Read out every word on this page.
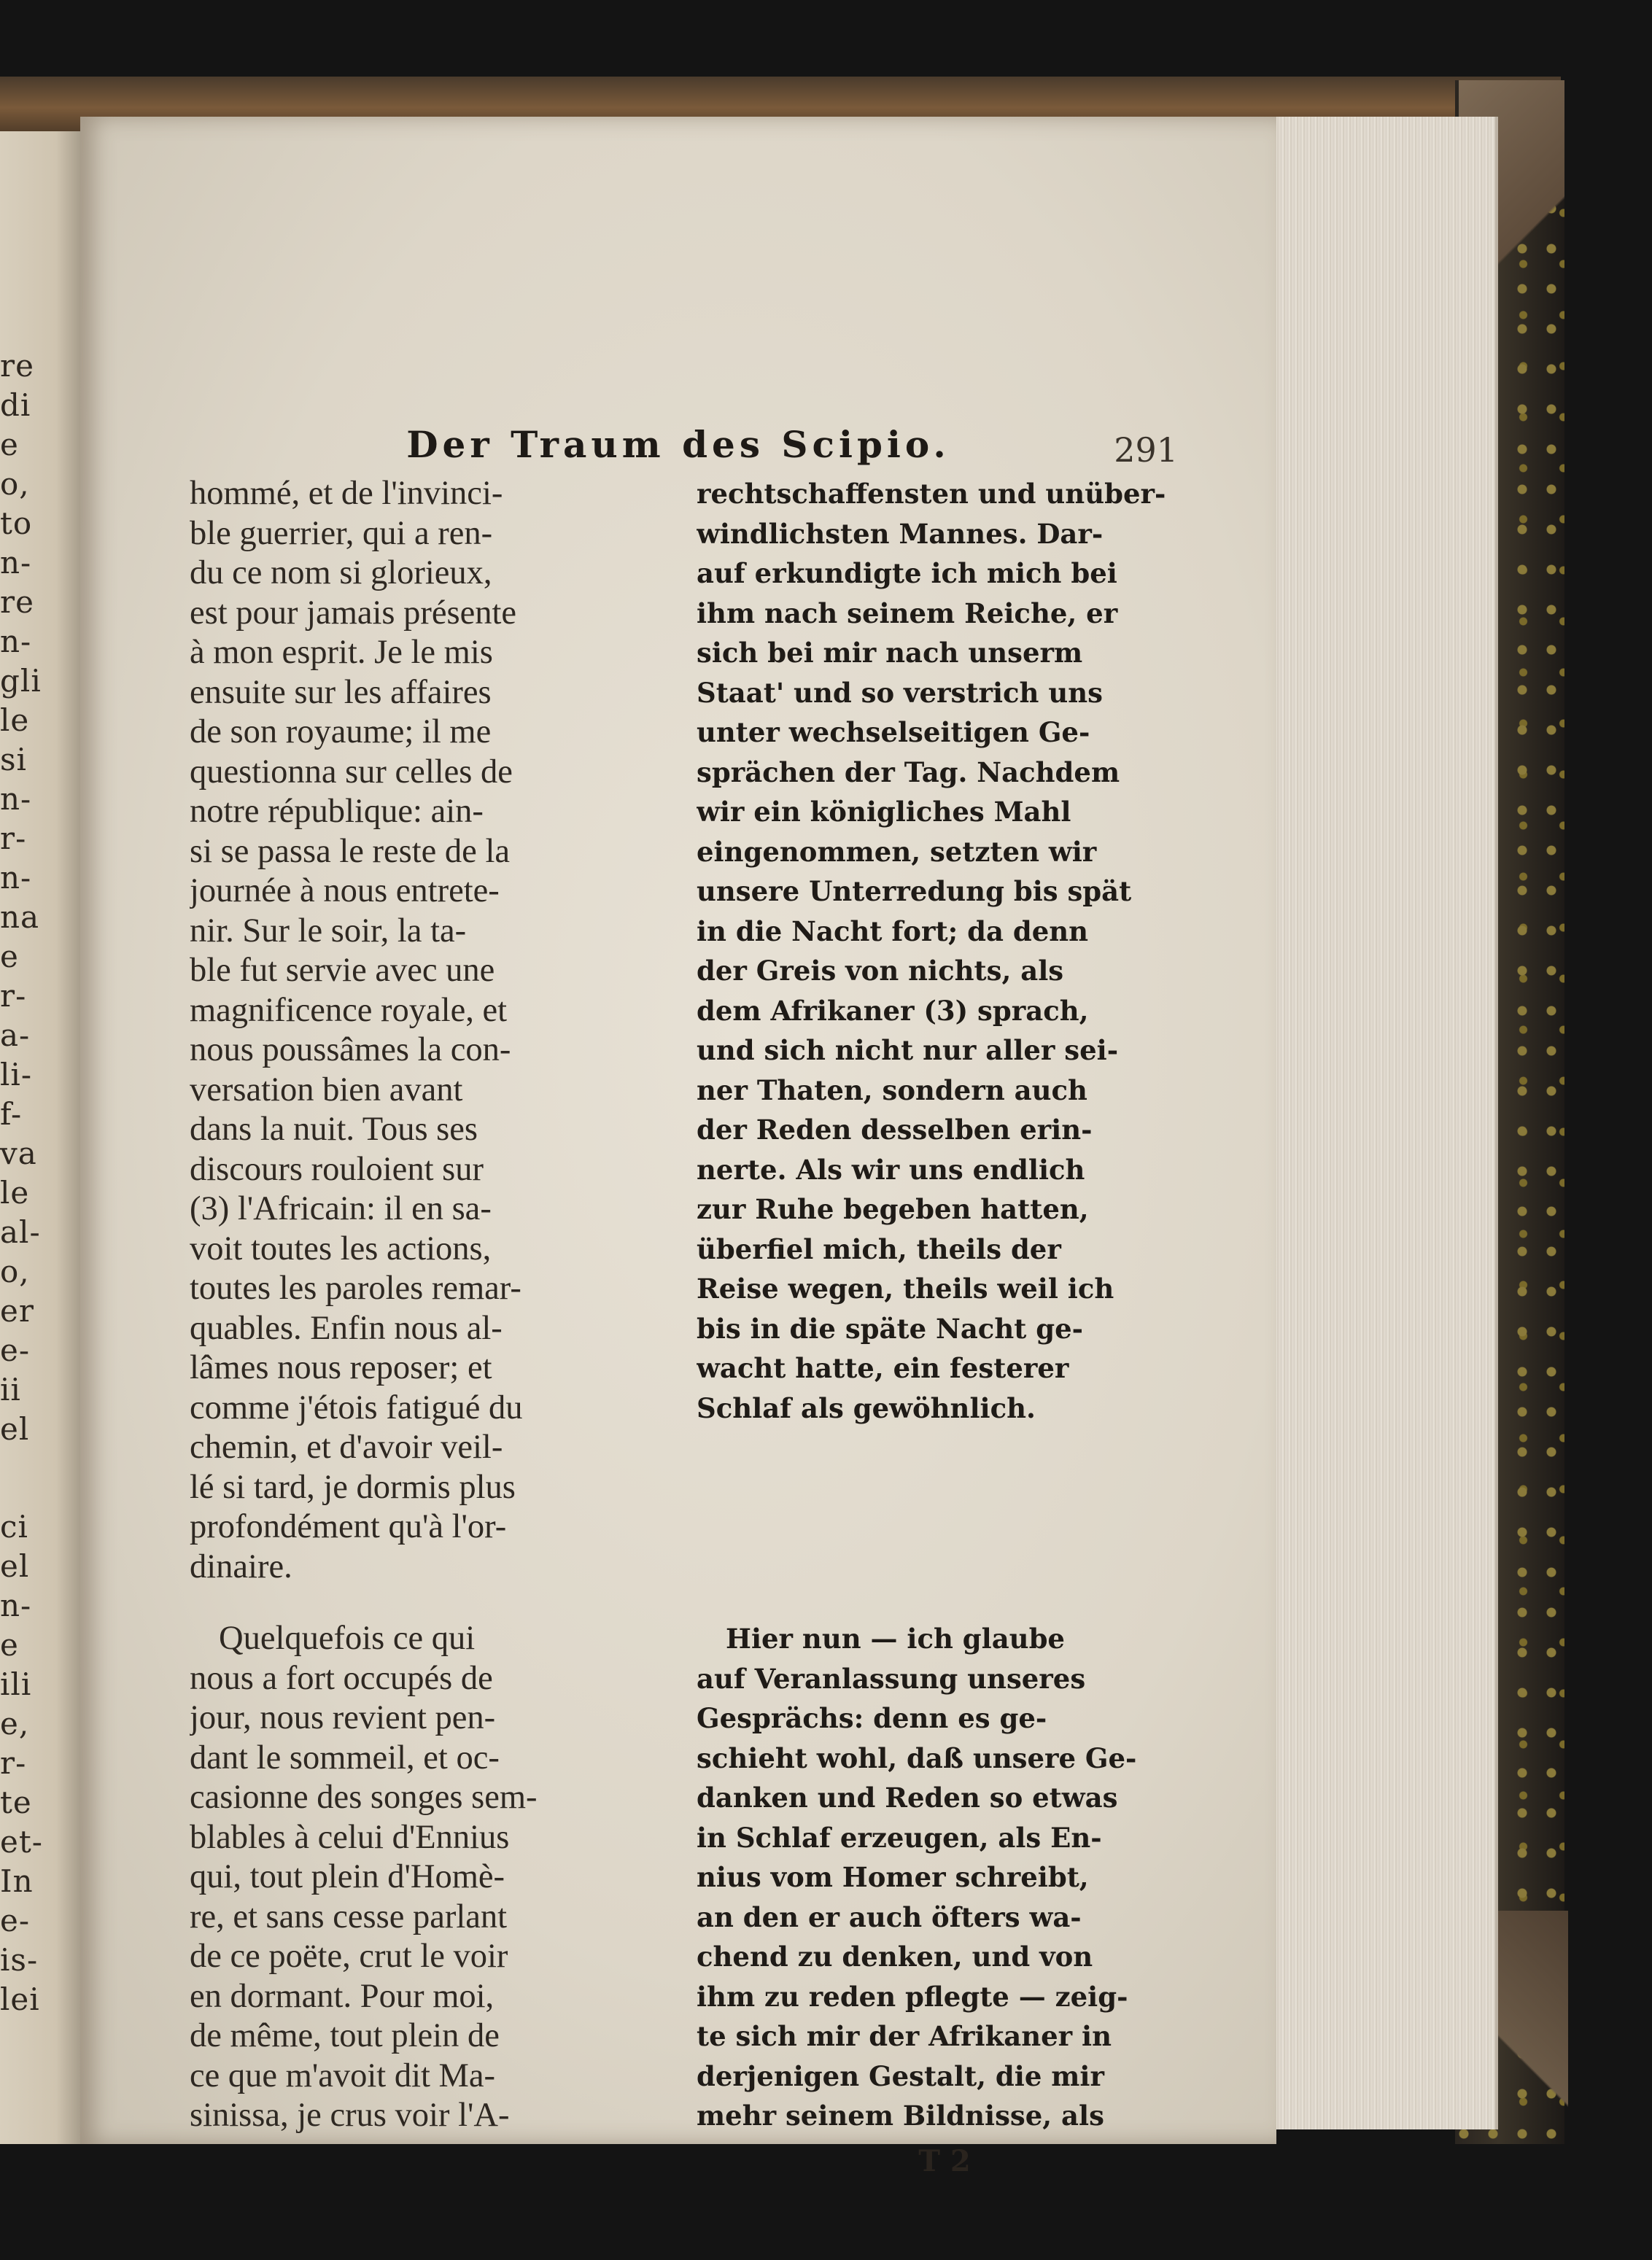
re
di
e
o,
to
n-
re
n-
gli
le
si
n-
r-
n-
na
e
r-
a-
li-
f-
va
le
al-
o,
er
e-
ii
el
ci
el
n-
e
ili
e,
r-
te
et-
In
e-
is-
lei
Der Traum des Scipio.	291
hommé, et de l'invinci-
ble guerrier, qui a ren-
du ce nom si glorieux,
est pour jamais présente
à mon esprit. Je le mis
ensuite sur les affaires
de son royaume; il me
questionna sur celles de
notre république: ain-
si se passa le reste de la
journée à nous entrete-
nir. Sur le soir, la ta-
ble fut servie avec une
magnificence royale, et
nous poussâmes la con-
versation bien avant
dans la nuit. Tous ses
discours rouloient sur
(3) l'Africain: il en sa-
voit toutes les actions,
toutes les paroles remar-
quables. Enfin nous al-
lâmes nous reposer; et
comme j'étois fatigué du
chemin, et d'avoir veil-
lé si tard, je dormis plus
profondément qu'à l'or-
dinaire.
Quelquefois ce qui
nous a fort occupés de
jour, nous revient pen-
dant le sommeil, et oc-
casionne des songes sem-
blables à celui d'Ennius
qui, tout plein d'Homè-
re, et sans cesse parlant
de ce poëte, crut le voir
en dormant. Pour moi,
de même, tout plein de
ce que m'avoit dit Ma-
sinissa, je crus voir l'A-
rechtschaffensten und unüber-
windlichsten Mannes. Dar-
auf erkundigte ich mich bei
ihm nach seinem Reiche, er
sich bei mir nach unserm
Staat' und so verstrich uns
unter wechselseitigen Ge-
sprächen der Tag. Nachdem
wir ein königliches Mahl
eingenommen, setzten wir
unsere Unterredung bis spät
in die Nacht fort; da denn
der Greis von nichts, als
dem Afrikaner (3) sprach,
und sich nicht nur aller sei-
ner Thaten, sondern auch
der Reden desselben erin-
nerte. Als wir uns endlich
zur Ruhe begeben hatten,
überfiel mich, theils der
Reise wegen, theils weil ich
bis in die späte Nacht ge-
wacht hatte, ein festerer
Schlaf als gewöhnlich.
Hier nun — ich glaube
auf Veranlassung unseres
Gesprächs: denn es ge-
schieht wohl, daß unsere Ge-
danken und Reden so etwas
in Schlaf erzeugen, als En-
nius vom Homer schreibt,
an den er auch öfters wa-
chend zu denken, und von
ihm zu reden pflegte — zeig-
te sich mir der Afrikaner in
derjenigen Gestalt, die mir
mehr seinem Bildnisse, als
T 2
